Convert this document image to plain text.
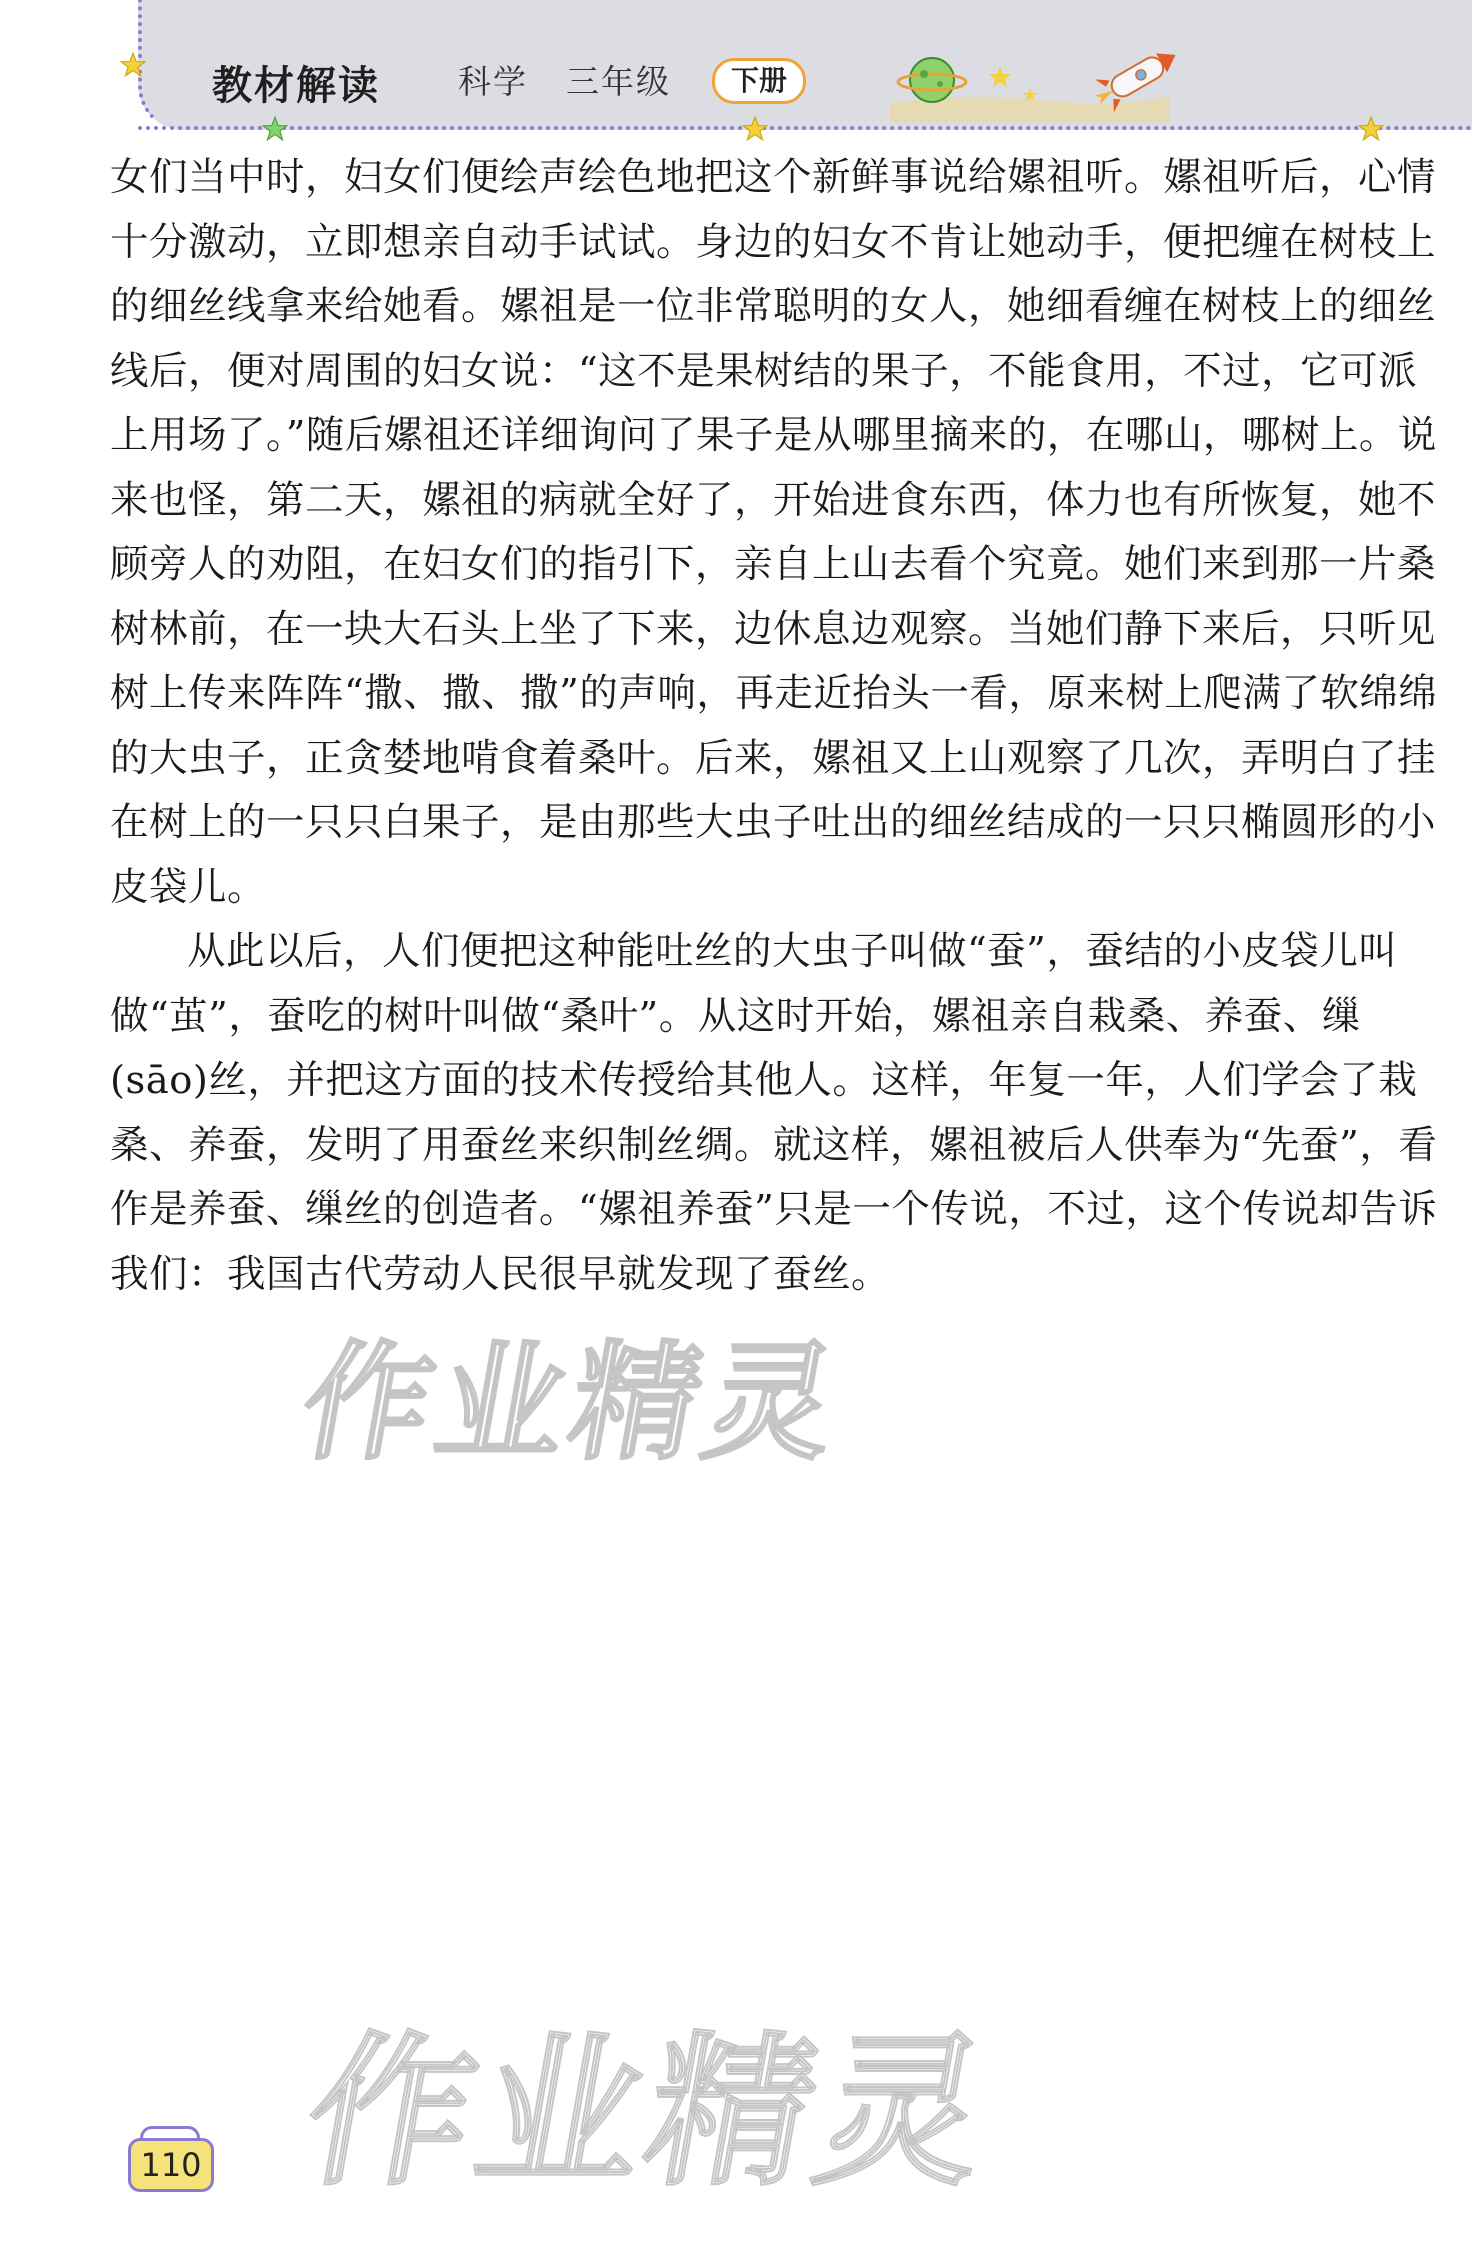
教材解读 科学 三年级	下册

女们当中时，妇女们便绘声绘色地把这个新鲜事说给嫘祖听。嫘祖听后，心情十分激动，立即想亲自动手试试。身边的妇女不肯让她动手，便把缠在树枝上的细丝线拿来给她看。嫘祖是一位非常聪明的女人，她细看缠在树枝上的细丝线后，便对周围的妇女说：“这不是果树结的果子，不能食用，不过，它可派上用场了。”随后嫘祖还详细询问了果子是从哪里摘来的，在哪山，哪树上。说来也怪，第二天，嫘祖的病就全好了，开始进食东西，体力也有所恢复，她不顾旁人的劝阻，在妇女们的指引下，亲自上山去看个究竟。她们来到那一片桑树林前，在一块大石头上坐了下来，边休息边观察。当她们静下来后，只听见树上传来阵阵“撒、撒、撒”的声响，再走近抬头一看，原来树上爬满了软绵绵的大虫子，正贪婪地啃食着桑叶。后来，嫘祖又上山观察了几次，弄明白了挂在树上的一只只白果子，是由那些大虫子吐出的细丝结成的一只只椭圆形的小皮袋儿。

从此以后，人们便把这种能吐丝的大虫子叫做“蚕”，蚕结的小皮袋儿叫做“茧”，蚕吃的树叶叫做“桑叶”。从这时开始，嫘祖亲自栽桑、养蚕、缫(sāo)丝，并把这方面的技术传授给其他人。这样，年复一年，人们学会了栽桑、养蚕，发明了用蚕丝来织制丝绸。就这样，嫘祖被后人供奉为“先蚕”，看作是养蚕、缫丝的创造者。“嫘祖养蚕”只是一个传说，不过，这个传说却告诉我们：我国古代劳动人民很早就发现了蚕丝。

作业精灵
作业精灵
110
